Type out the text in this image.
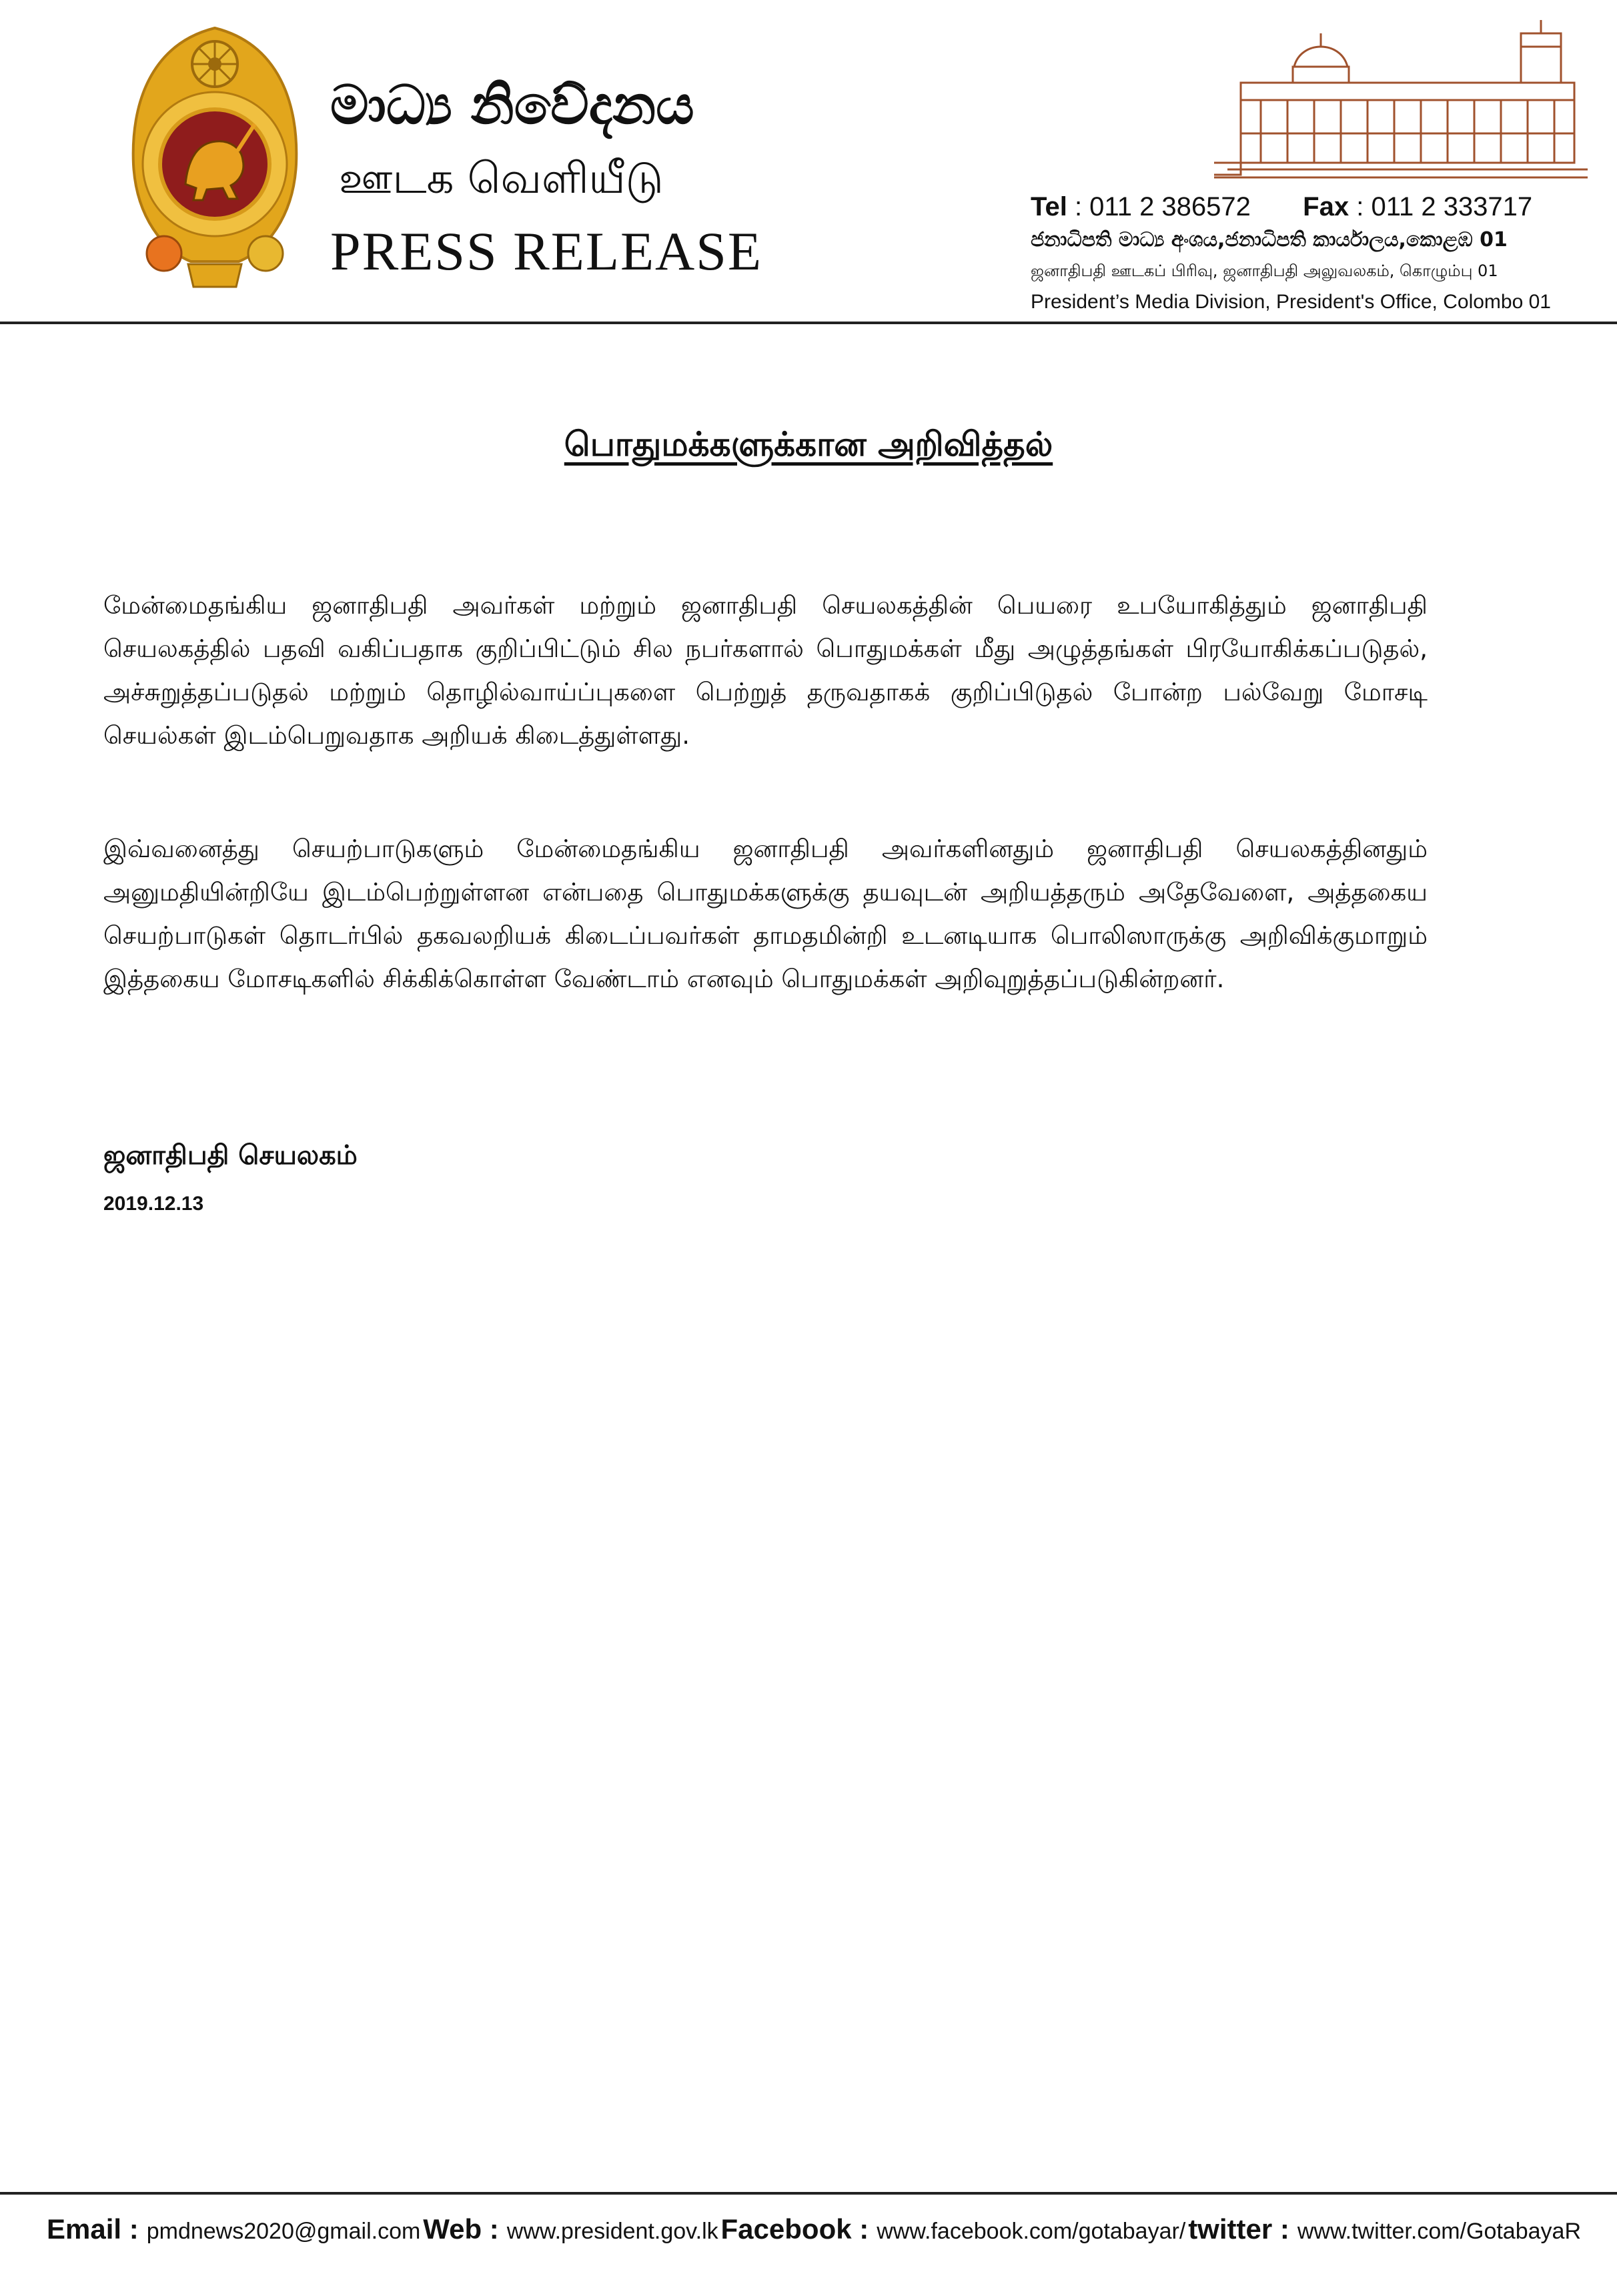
මාධ්‍ය නිවේදනය
ஊடக வெளியீடு
PRESS RELEASE
Tel : 011 2 386572 Fax : 011 2 333717
ජනාධිපති මාධ්‍ය අංශය,ජනාධිපති කාර්යාලය,කොළඹ 01
ஜனாதிபதி ஊடகப் பிரிவு, ஜனாதிபதி அலுவலகம், கொழும்பு 01
President’s Media Division, President's Office, Colombo 01
பொதுமக்களுக்கான அறிவித்தல்

மேன்மைதங்கிய ஜனாதிபதி அவர்கள் மற்றும் ஜனாதிபதி செயலகத்தின் பெயரை உபயோகித்தும் ஜனாதிபதி செயலகத்தில் பதவி வகிப்பதாக குறிப்பிட்டும் சில நபர்களால் பொதுமக்கள் மீது அழுத்தங்கள் பிரயோகிக்கப்படுதல், அச்சுறுத்தப்படுதல் மற்றும் தொழில்வாய்ப்புகளை பெற்றுத் தருவதாகக் குறிப்பிடுதல் போன்ற பல்வேறு மோசடி செயல்கள் இடம்பெறுவதாக அறியக் கிடைத்துள்ளது.

இவ்வனைத்து செயற்பாடுகளும் மேன்மைதங்கிய ஜனாதிபதி அவர்களினதும் ஜனாதிபதி செயலகத்தினதும் அனுமதியின்றியே இடம்பெற்றுள்ளன என்பதை பொதுமக்களுக்கு தயவுடன் அறியத்தரும் அதேவேளை, அத்தகைய செயற்பாடுகள் தொடர்பில் தகவலறியக் கிடைப்பவர்கள் தாமதமின்றி உடனடியாக பொலிஸாருக்கு அறிவிக்குமாறும் இத்தகைய மோசடிகளில் சிக்கிக்கொள்ள வேண்டாம் எனவும் பொதுமக்கள் அறிவுறுத்தப்படுகின்றனர்.

ஜனாதிபதி செயலகம்
2019.12.13
Email : pmdnews2020@gmail.com Web : www.president.gov.lk Facebook : www.facebook.com/gotabayar/ twitter : www.twitter.com/GotabayaR
